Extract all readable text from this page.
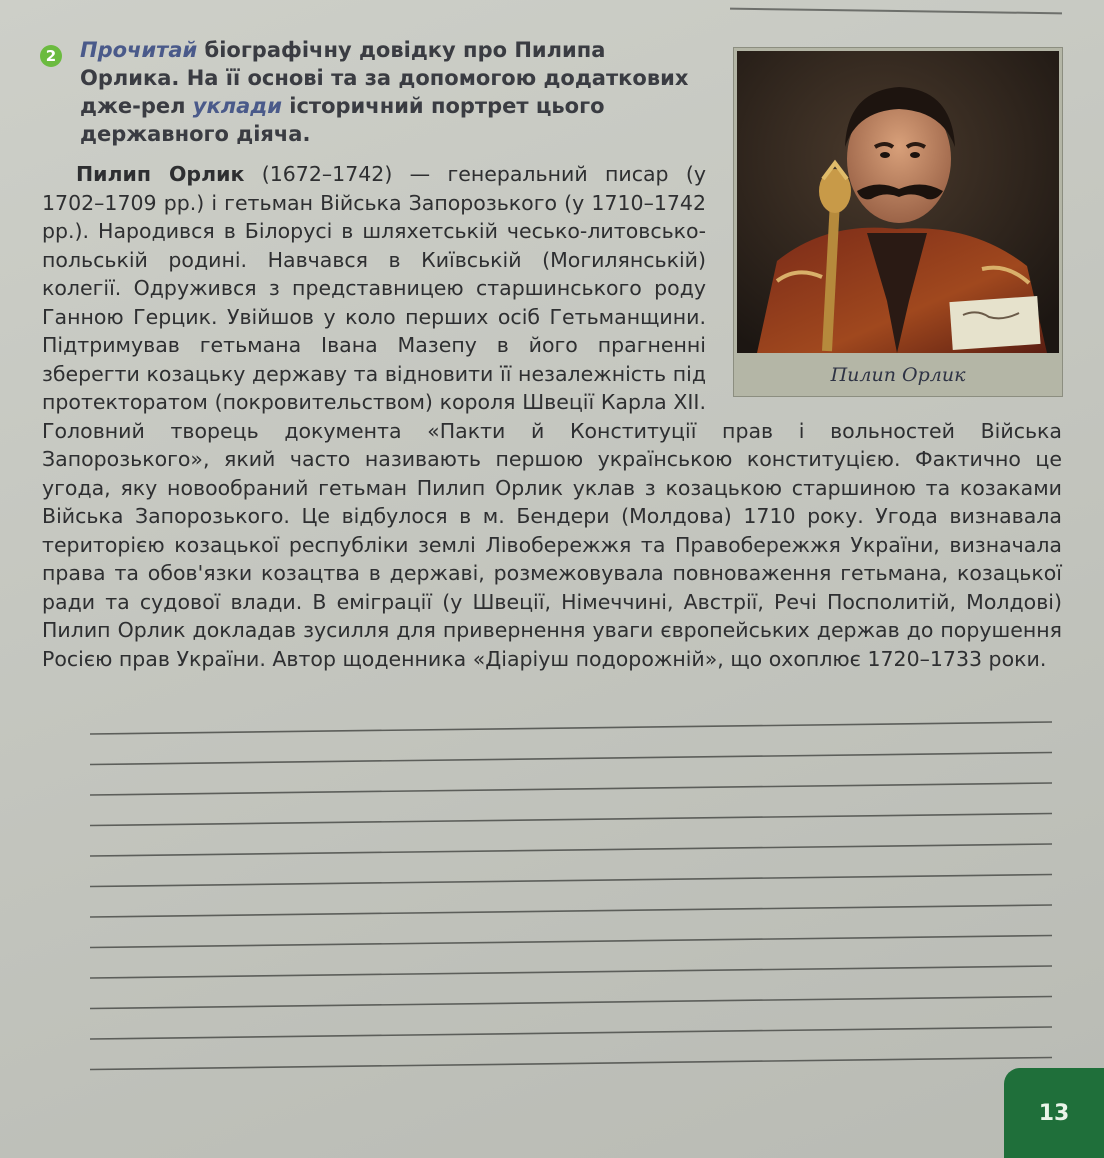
2 Прочитай біографічну довідку про Пилипа Орлика. На її основі та за допомогою додаткових дже-рел уклади історичний портрет цього державного діяча.
Пилип Орлик (1672–1742) — генеральний писар (у 1702–1709 рр.) і гетьман Війська Запорозького (у 1710–1742 рр.). Народився в Білорусі в шляхетській чесько-литовсько-польській родині. Навчався в Київській (Могилянській) колегії. Одружився з представницею старшинського роду Ганною Герцик. Увійшов у коло перших осіб Гетьманщини. Підтримував гетьмана Івана Мазепу в його прагненні зберегти козацьку державу та відновити її незалежність під протекторатом (покровительством) короля Швеції Карла XII. Головний творець документа «Пакти й Конституції прав і вольностей Війська Запорозького», який часто називають першою українською конституцією. Фактично це угода, яку новообраний гетьман Пилип Орлик уклав з козацькою старшиною та козаками Війська Запорозького. Це відбулося в м. Бендери (Молдова) 1710 року. Угода визнавала територією козацької республіки землі Лівобережжя та Правобережжя України, визначала права та обов'язки козацтва в державі, розмежовувала повноваження гетьмана, козацької ради та судової влади. В еміграції (у Швеції, Німеччині, Австрії, Речі Посполитій, Молдові) Пилип Орлик докладав зусилля для привернення уваги європейських держав до порушення Росією прав України. Автор щоденника «Діаріуш подорожній», що охоплює 1720–1733 роки.
Пилип Орлик
13
